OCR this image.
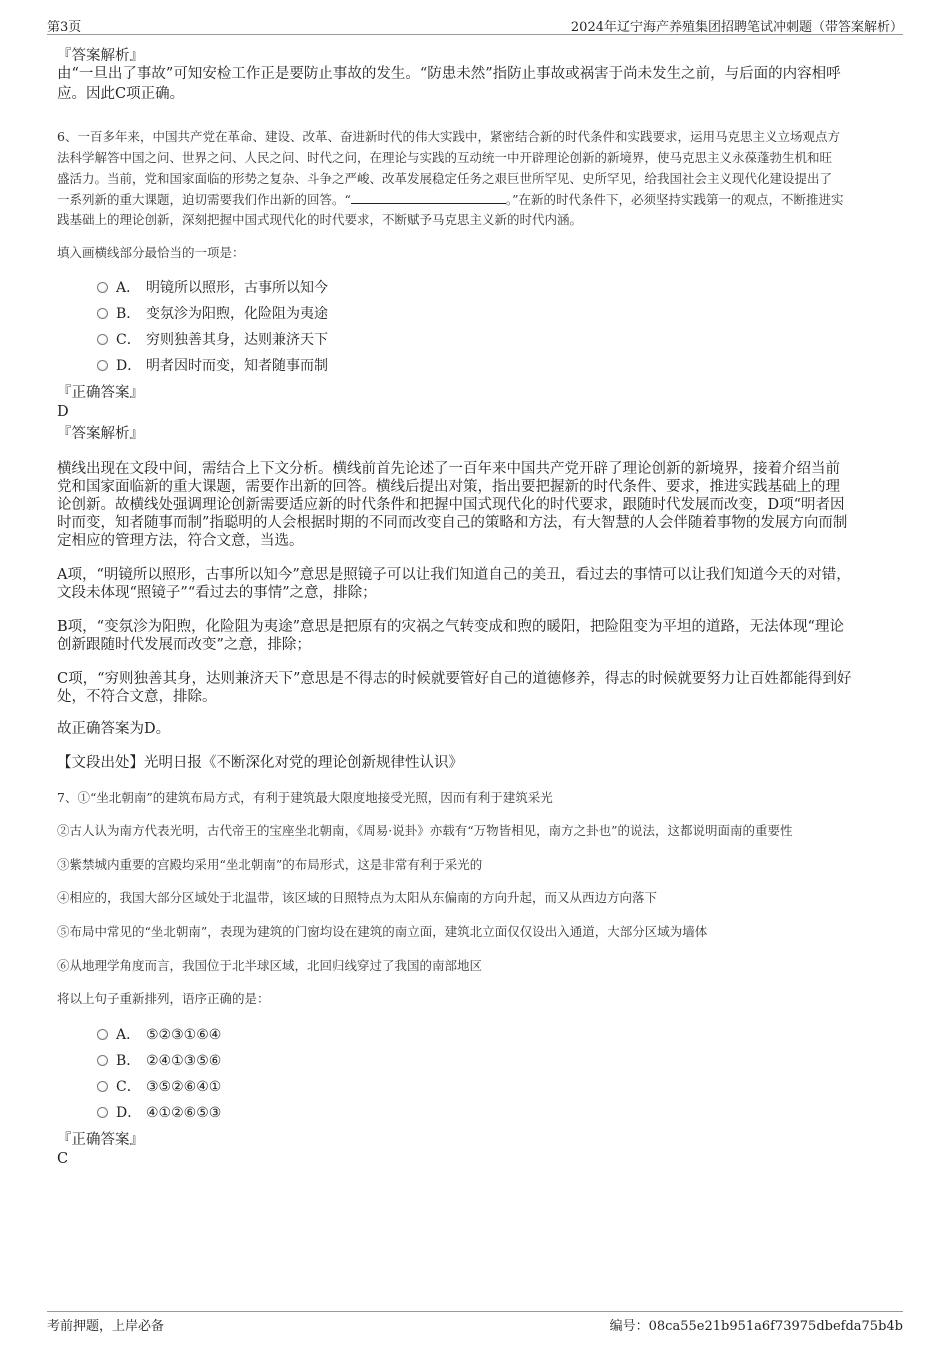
第3页	2024年辽宁海产养殖集团招聘笔试冲刺题（带答案解析）
『答案解析』
由“一旦出了事故”可知安检工作正是要防止事故的发生。“防患未然”指防止事故或祸害于尚未发生之前，与后面的内容相呼
应。因此C项正确。
6、一百多年来，中国共产党在革命、建设、改革、奋进新时代的伟大实践中，紧密结合新的时代条件和实践要求，运用马克思主义立场观点方
法科学解答中国之问、世界之问、人民之问、时代之问，在理论与实践的互动统一中开辟理论创新的新境界，使马克思主义永葆蓬勃生机和旺
盛活力。当前，党和国家面临的形势之复杂、斗争之严峻、改革发展稳定任务之艰巨世所罕见、史所罕见，给我国社会主义现代化建设提出了
一系列新的重大课题，迫切需要我们作出新的回答。“	。”在新的时代条件下，必须坚持实践第一的观点，不断推进实
践基础上的理论创新，深刻把握中国式现代化的时代要求，不断赋予马克思主义新的时代内涵。
填入画横线部分最恰当的一项是：
A． 明镜所以照形，古事所以知今
B． 变氛沴为阳煦，化险阻为夷途
C． 穷则独善其身，达则兼济天下
D． 明者因时而变，知者随事而制
『正确答案』
D
『答案解析』
横线出现在文段中间，需结合上下文分析。横线前首先论述了一百年来中国共产党开辟了理论创新的新境界，接着介绍当前
党和国家面临新的重大课题，需要作出新的回答。横线后提出对策，指出要把握新的时代条件、要求，推进实践基础上的理
论创新。故横线处强调理论创新需要适应新的时代条件和把握中国式现代化的时代要求，跟随时代发展而改变，D项“明者因
时而变，知者随事而制”指聪明的人会根据时期的不同而改变自己的策略和方法，有大智慧的人会伴随着事物的发展方向而制
定相应的管理方法，符合文意，当选。
A项，“明镜所以照形，古事所以知今”意思是照镜子可以让我们知道自己的美丑，看过去的事情可以让我们知道今天的对错，
文段未体现“照镜子”“看过去的事情”之意，排除；
B项，“变氛沴为阳煦，化险阻为夷途”意思是把原有的灾祸之气转变成和煦的暖阳，把险阻变为平坦的道路，无法体现“理论
创新跟随时代发展而改变”之意，排除；
C项，“穷则独善其身，达则兼济天下”意思是不得志的时候就要管好自己的道德修养，得志的时候就要努力让百姓都能得到好
处，不符合文意，排除。
故正确答案为D。
【文段出处】光明日报《不断深化对党的理论创新规律性认识》
7、①“坐北朝南”的建筑布局方式，有利于建筑最大限度地接受光照，因而有利于建筑采光
②古人认为南方代表光明，古代帝王的宝座坐北朝南，《周易·说卦》亦载有“万物皆相见，南方之卦也”的说法，这都说明面南的重要性
③紫禁城内重要的宫殿均采用“坐北朝南”的布局形式，这是非常有利于采光的
④相应的，我国大部分区域处于北温带，该区域的日照特点为太阳从东偏南的方向升起，而又从西边方向落下
⑤布局中常见的“坐北朝南”，表现为建筑的门窗均设在建筑的南立面，建筑北立面仅仅设出入通道，大部分区域为墙体
⑥从地理学角度而言，我国位于北半球区域，北回归线穿过了我国的南部地区
将以上句子重新排列，语序正确的是：
A． ⑤②③①⑥④
B． ②④①③⑤⑥
C． ③⑤②⑥④①
D． ④①②⑥⑤③
『正确答案』
C
考前押题，上岸必备	编号：08ca55e21b951a6f73975dbefda75b4b
